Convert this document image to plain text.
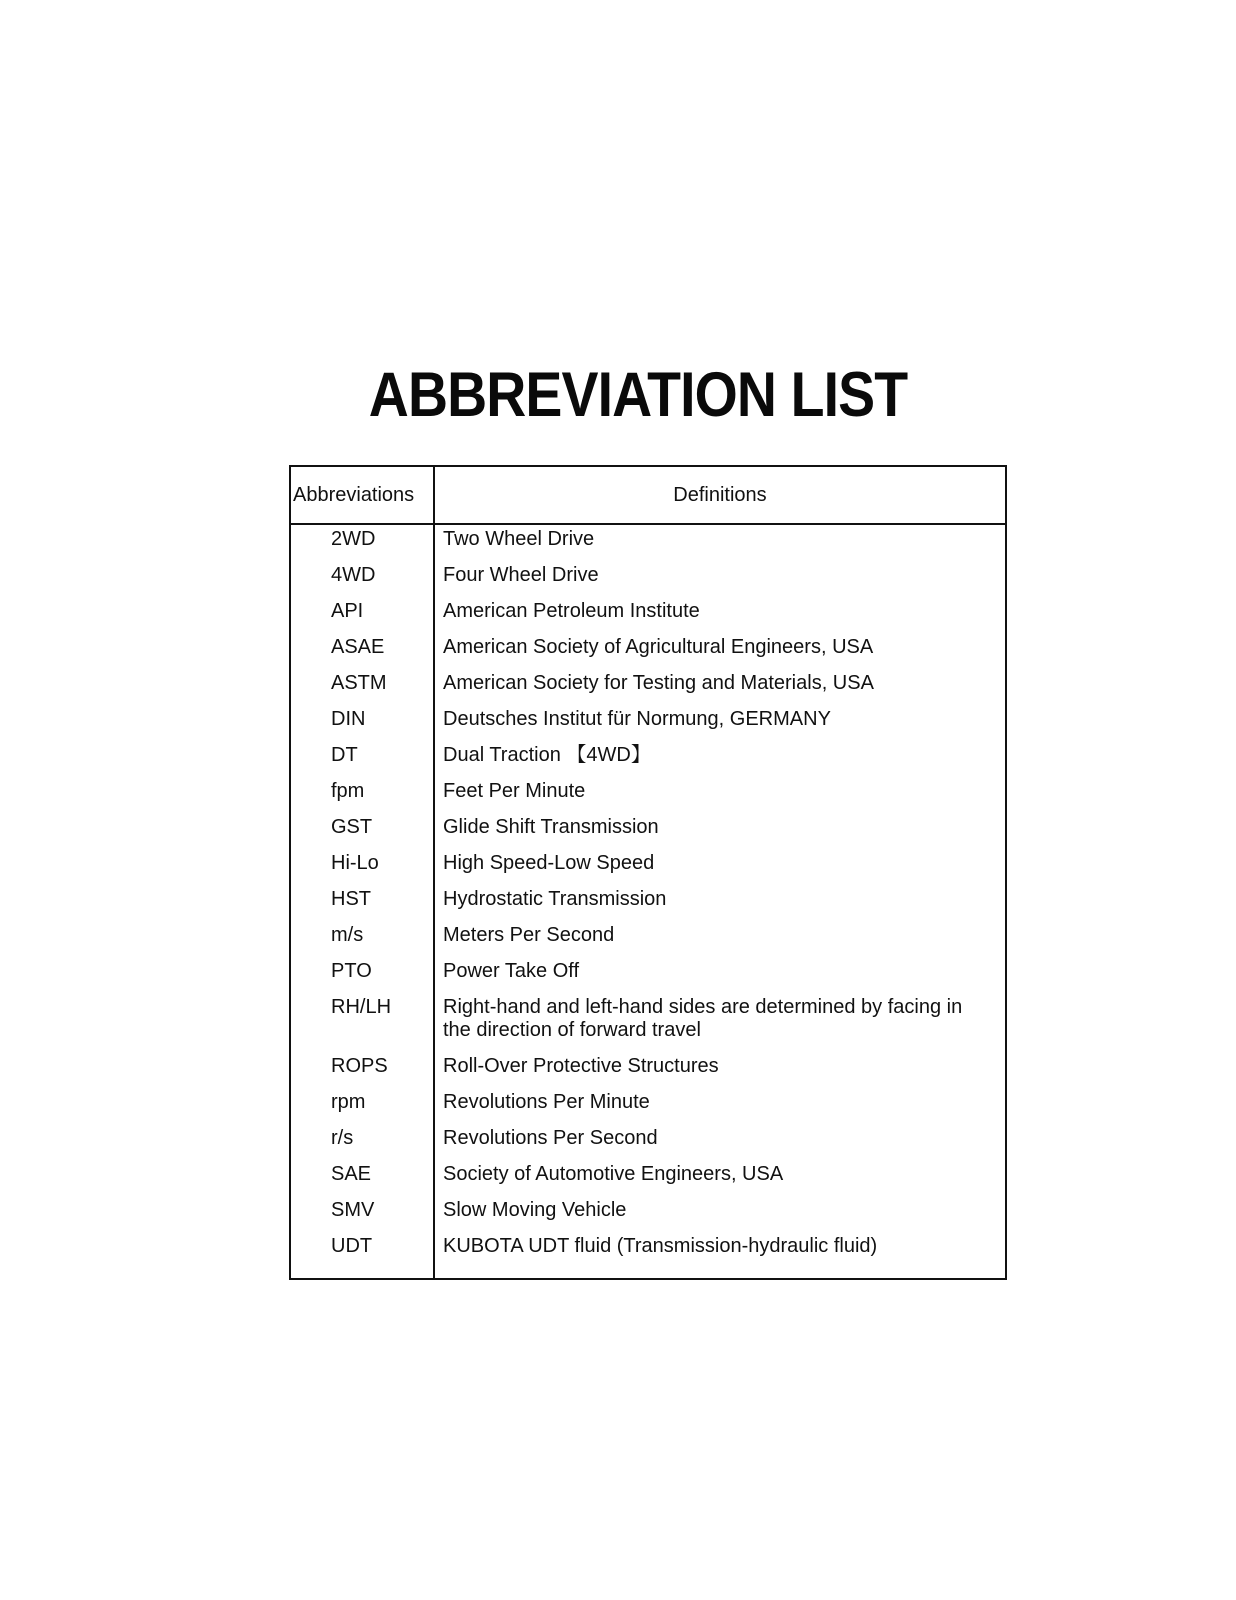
ABBREVIATION LIST
Abbreviations	Definitions
2WD	Two Wheel Drive
4WD	Four Wheel Drive
API	American Petroleum Institute
ASAE	American Society of Agricultural Engineers, USA
ASTM	American Society for Testing and Materials, USA
DIN	Deutsches Institut für Normung, GERMANY
DT	Dual Traction 【4WD】
fpm	Feet Per Minute
GST	Glide Shift Transmission
Hi-Lo	High Speed-Low Speed
HST	Hydrostatic Transmission
m/s	Meters Per Second
PTO	Power Take Off
RH/LH	Right-hand and left-hand sides are determined by facing in the direction of forward travel
ROPS	Roll-Over Protective Structures
rpm	Revolutions Per Minute
r/s	Revolutions Per Second
SAE	Society of Automotive Engineers, USA
SMV	Slow Moving Vehicle
UDT	KUBOTA UDT fluid (Transmission-hydraulic fluid)
